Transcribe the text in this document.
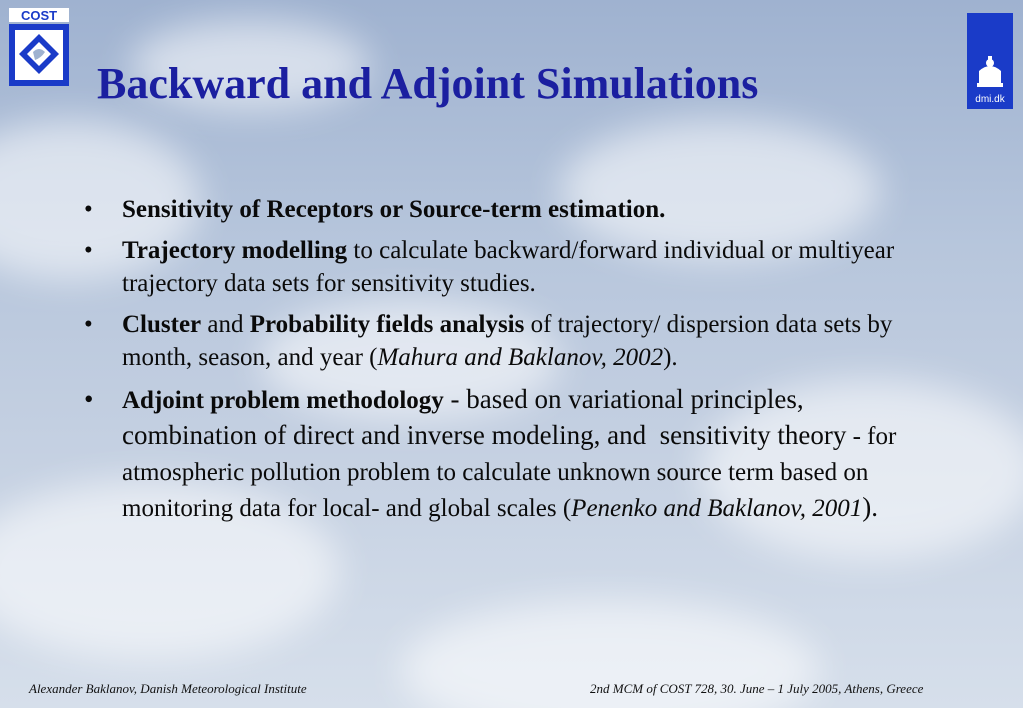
COST
dmi.dk
Backward and Adjoint Simulations
• Sensitivity of Receptors or Source-term estimation.
• Trajectory modelling to calculate backward/forward individual or multiyear trajectory data sets for sensitivity studies.
• Cluster and Probability fields analysis of trajectory/ dispersion data sets by month, season, and year (Mahura and Baklanov, 2002).
• Adjoint problem methodology - based on variational principles, combination of direct and inverse modeling, and  sensitivity theory - for atmospheric pollution problem to calculate unknown source term based on monitoring data for local- and global scales (Penenko and Baklanov, 2001).
Alexander Baklanov, Danish Meteorological Institute	2nd MCM of COST 728, 30. June – 1 July 2005, Athens, Greece
